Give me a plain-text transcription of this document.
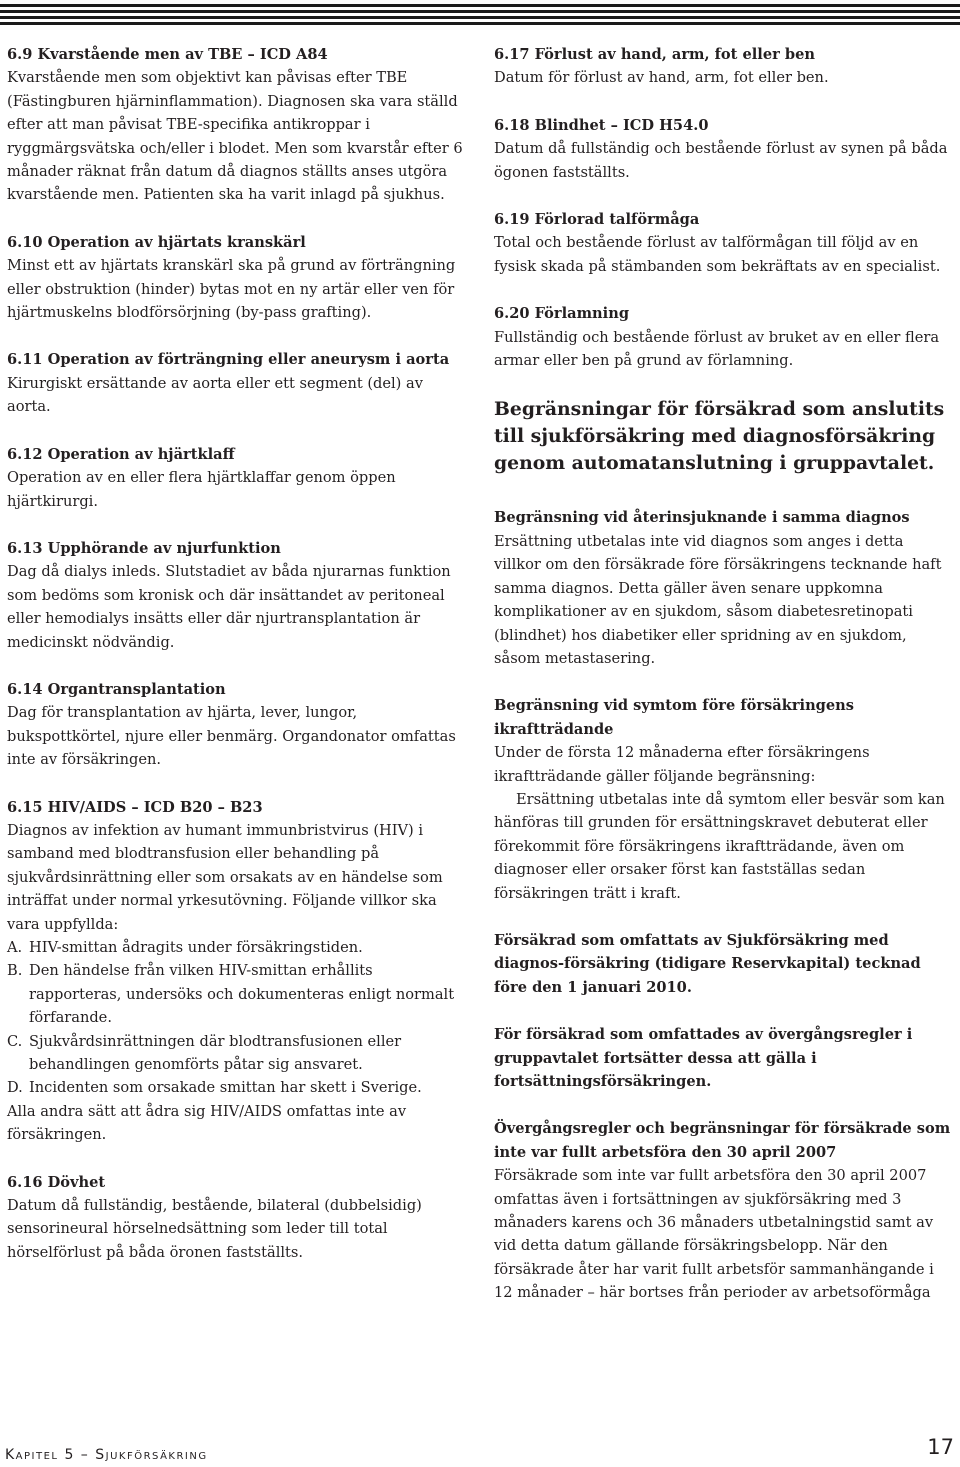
6.9 Kvarstående men av TBE – ICD A84

Kvarstående men som objektivt kan påvisas efter TBE (Fästingburen hjärninflammation). Diagnosen ska vara ställd efter att man påvisat TBE-specifika antikroppar i ryggmärgsvätska och/eller i blodet. Men som kvarstår efter 6 månader räknat från datum då diagnos ställts anses utgöra kvarstående men. Patienten ska ha varit inlagd på sjukhus.

6.10 Operation av hjärtats kranskärl

Minst ett av hjärtats kranskärl ska på grund av förträngning eller obstruktion (hinder) bytas mot en ny artär eller ven för hjärtmuskelns blodförsörjning (by-pass grafting).

6.11 Operation av förträngning eller aneurysm i aorta

Kirurgiskt ersättande av aorta eller ett segment (del) av aorta.

6.12 Operation av hjärtklaff

Operation av en eller flera hjärtklaffar genom öppen hjärtkirurgi.

6.13 Upphörande av njurfunktion

Dag då dialys inleds. Slutstadiet av båda njurarnas funktion som bedöms som kronisk och där insättandet av peritoneal eller hemodialys insätts eller där njurtransplantation är medicinskt nödvändig.

6.14 Organtransplantation

Dag för transplantation av hjärta, lever, lungor, bukspottkörtel, njure eller benmärg. Organdonator omfattas inte av försäkringen.

6.15 HIV/AIDS – ICD B20 – B23

Diagnos av infektion av humant immunbristvirus (HIV) i samband med blodtransfusion eller behandling på sjukvårdsinrättning eller som orsakats av en händelse som inträffat under normal yrkesutövning. Följande villkor ska vara uppfyllda:

A. HIV-smittan ådragits under försäkringstiden.
B. Den händelse från vilken HIV-smittan erhållits rapporteras, undersöks och dokumenteras enligt normalt förfarande.
C. Sjukvårdsinrättningen där blodtransfusionen eller behandlingen genomförts påtar sig ansvaret.
D. Incidenten som orsakade smittan har skett i Sverige.

Alla andra sätt att ådra sig HIV/AIDS omfattas inte av försäkringen.

6.16 Dövhet

Datum då fullständig, bestående, bilateral (dubbelsidig) sensorineural hörselnedsättning som leder till total hörselförlust på båda öronen fastställts.

6.17 Förlust av hand, arm, fot eller ben

Datum för förlust av hand, arm, fot eller ben.

6.18 Blindhet – ICD H54.0

Datum då fullständig och bestående förlust av synen på båda ögonen fastställts.

6.19 Förlorad talförmåga

Total och bestående förlust av talförmågan till följd av en fysisk skada på stämbanden som bekräftats av en specialist.

6.20 Förlamning

Fullständig och bestående förlust av bruket av en eller flera armar eller ben på grund av förlamning.

Begränsningar för försäkrad som anslutits till sjukförsäkring med diagnosförsäkring genom automatanslutning i gruppavtalet.

Begränsning vid återinsjuknande i samma diagnos

Ersättning utbetalas inte vid diagnos som anges i detta villkor om den försäkrade före försäkringens tecknande haft samma diagnos. Detta gäller även senare uppkomna komplikationer av en sjukdom, såsom diabetesretinopati (blindhet) hos diabetiker eller spridning av en sjukdom, såsom metastasering.

Begränsning vid symtom före försäkringens ikraftträdande

Under de första 12 månaderna efter försäkringens ikraftträdande gäller följande begränsning:

Ersättning utbetalas inte då symtom eller besvär som kan hänföras till grunden för ersättningskravet debuterat eller förekommit före försäkringens ikraftträdande, även om diagnoser eller orsaker först kan fastställas sedan försäkringen trätt i kraft.

Försäkrad som omfattats av Sjukförsäkring med diagnos-försäkring (tidigare Reservkapital) tecknad före den 1 januari 2010.

För försäkrad som omfattades av övergångsregler i gruppavtalet fortsätter dessa att gälla i fortsättningsförsäkringen.

Övergångsregler och begränsningar för försäkrade som inte var fullt arbetsföra den 30 april 2007

Försäkrade som inte var fullt arbetsföra den 30 april 2007 omfattas även i fortsättningen av sjukförsäkring med 3 månaders karens och 36 månaders utbetalningstid samt av vid detta datum gällande försäkringsbelopp. När den försäkrade åter har varit fullt arbetsför sammanhängande i 12 månader – här bortses från perioder av arbetsoförmåga

Kapitel 5 – Sjukförsäkring	17
